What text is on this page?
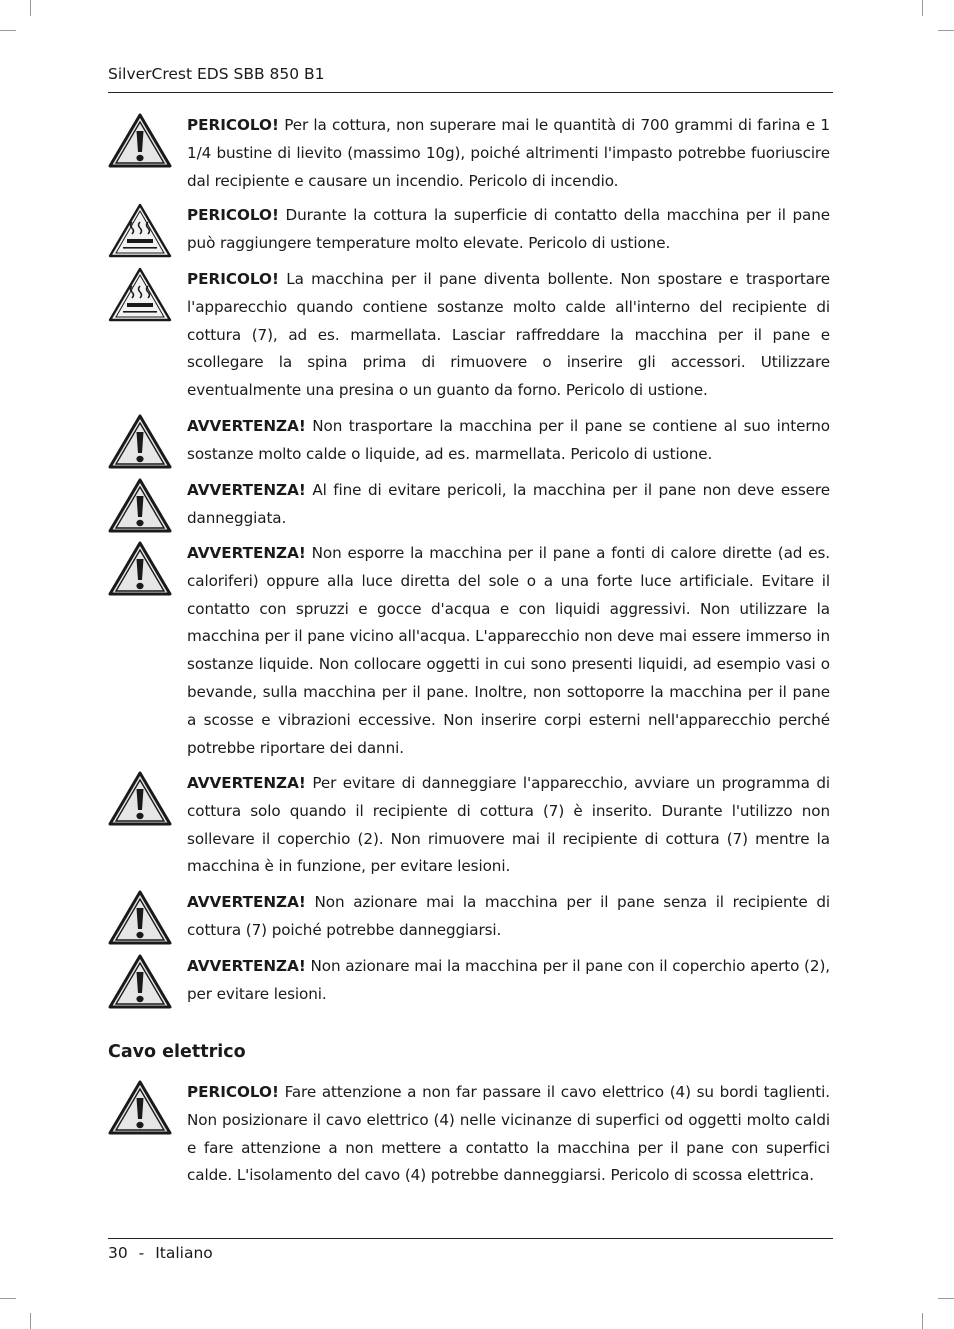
SilverCrest EDS SBB 850 B1
PERICOLO! Per la cottura, non superare mai le quantità di 700 grammi di farina e 1 1/4 bustine di lievito (massimo 10g), poiché altrimenti l'impasto potrebbe fuoriuscire dal recipiente e causare un incendio. Pericolo di incendio.
PERICOLO! Durante la cottura la superficie di contatto della macchina per il pane può raggiungere temperature molto elevate. Pericolo di ustione.
PERICOLO! La macchina per il pane diventa bollente. Non spostare e trasportare l'apparecchio quando contiene sostanze molto calde all'interno del recipiente di cottura (7), ad es. marmellata. Lasciar raffreddare la macchina per il pane e scollegare la spina prima di rimuovere o inserire gli accessori. Utilizzare eventualmente una presina o un guanto da forno. Pericolo di ustione.
AVVERTENZA! Non trasportare la macchina per il pane se contiene al suo interno sostanze molto calde o liquide, ad es. marmellata. Pericolo di ustione.
AVVERTENZA! Al fine di evitare pericoli, la macchina per il pane non deve essere danneggiata.
AVVERTENZA! Non esporre la macchina per il pane a fonti di calore dirette (ad es. caloriferi) oppure alla luce diretta del sole o a una forte luce artificiale. Evitare il contatto con spruzzi e gocce d'acqua e con liquidi aggressivi. Non utilizzare la macchina per il pane vicino all'acqua. L'apparecchio non deve mai essere immerso in sostanze liquide. Non collocare oggetti in cui sono presenti liquidi, ad esempio vasi o bevande, sulla macchina per il pane. Inoltre, non sottoporre la macchina per il pane a scosse e vibrazioni eccessive. Non inserire corpi esterni nell'apparecchio perché potrebbe riportare dei danni.
AVVERTENZA! Per evitare di danneggiare l'apparecchio, avviare un programma di cottura solo quando il recipiente di cottura (7) è inserito. Durante l'utilizzo non sollevare il coperchio (2). Non rimuovere mai il recipiente di cottura (7) mentre la macchina è in funzione, per evitare lesioni.
AVVERTENZA! Non azionare mai la macchina per il pane senza il recipiente di cottura (7) poiché potrebbe danneggiarsi.
AVVERTENZA! Non azionare mai la macchina per il pane con il coperchio aperto (2), per evitare lesioni.
Cavo elettrico
PERICOLO! Fare attenzione a non far passare il cavo elettrico (4) su bordi taglienti. Non posizionare il cavo elettrico (4) nelle vicinanze di superfici od oggetti molto caldi e fare attenzione a non mettere a contatto la macchina per il pane con superfici calde. L'isolamento del cavo (4) potrebbe danneggiarsi. Pericolo di scossa elettrica.
30 - Italiano
